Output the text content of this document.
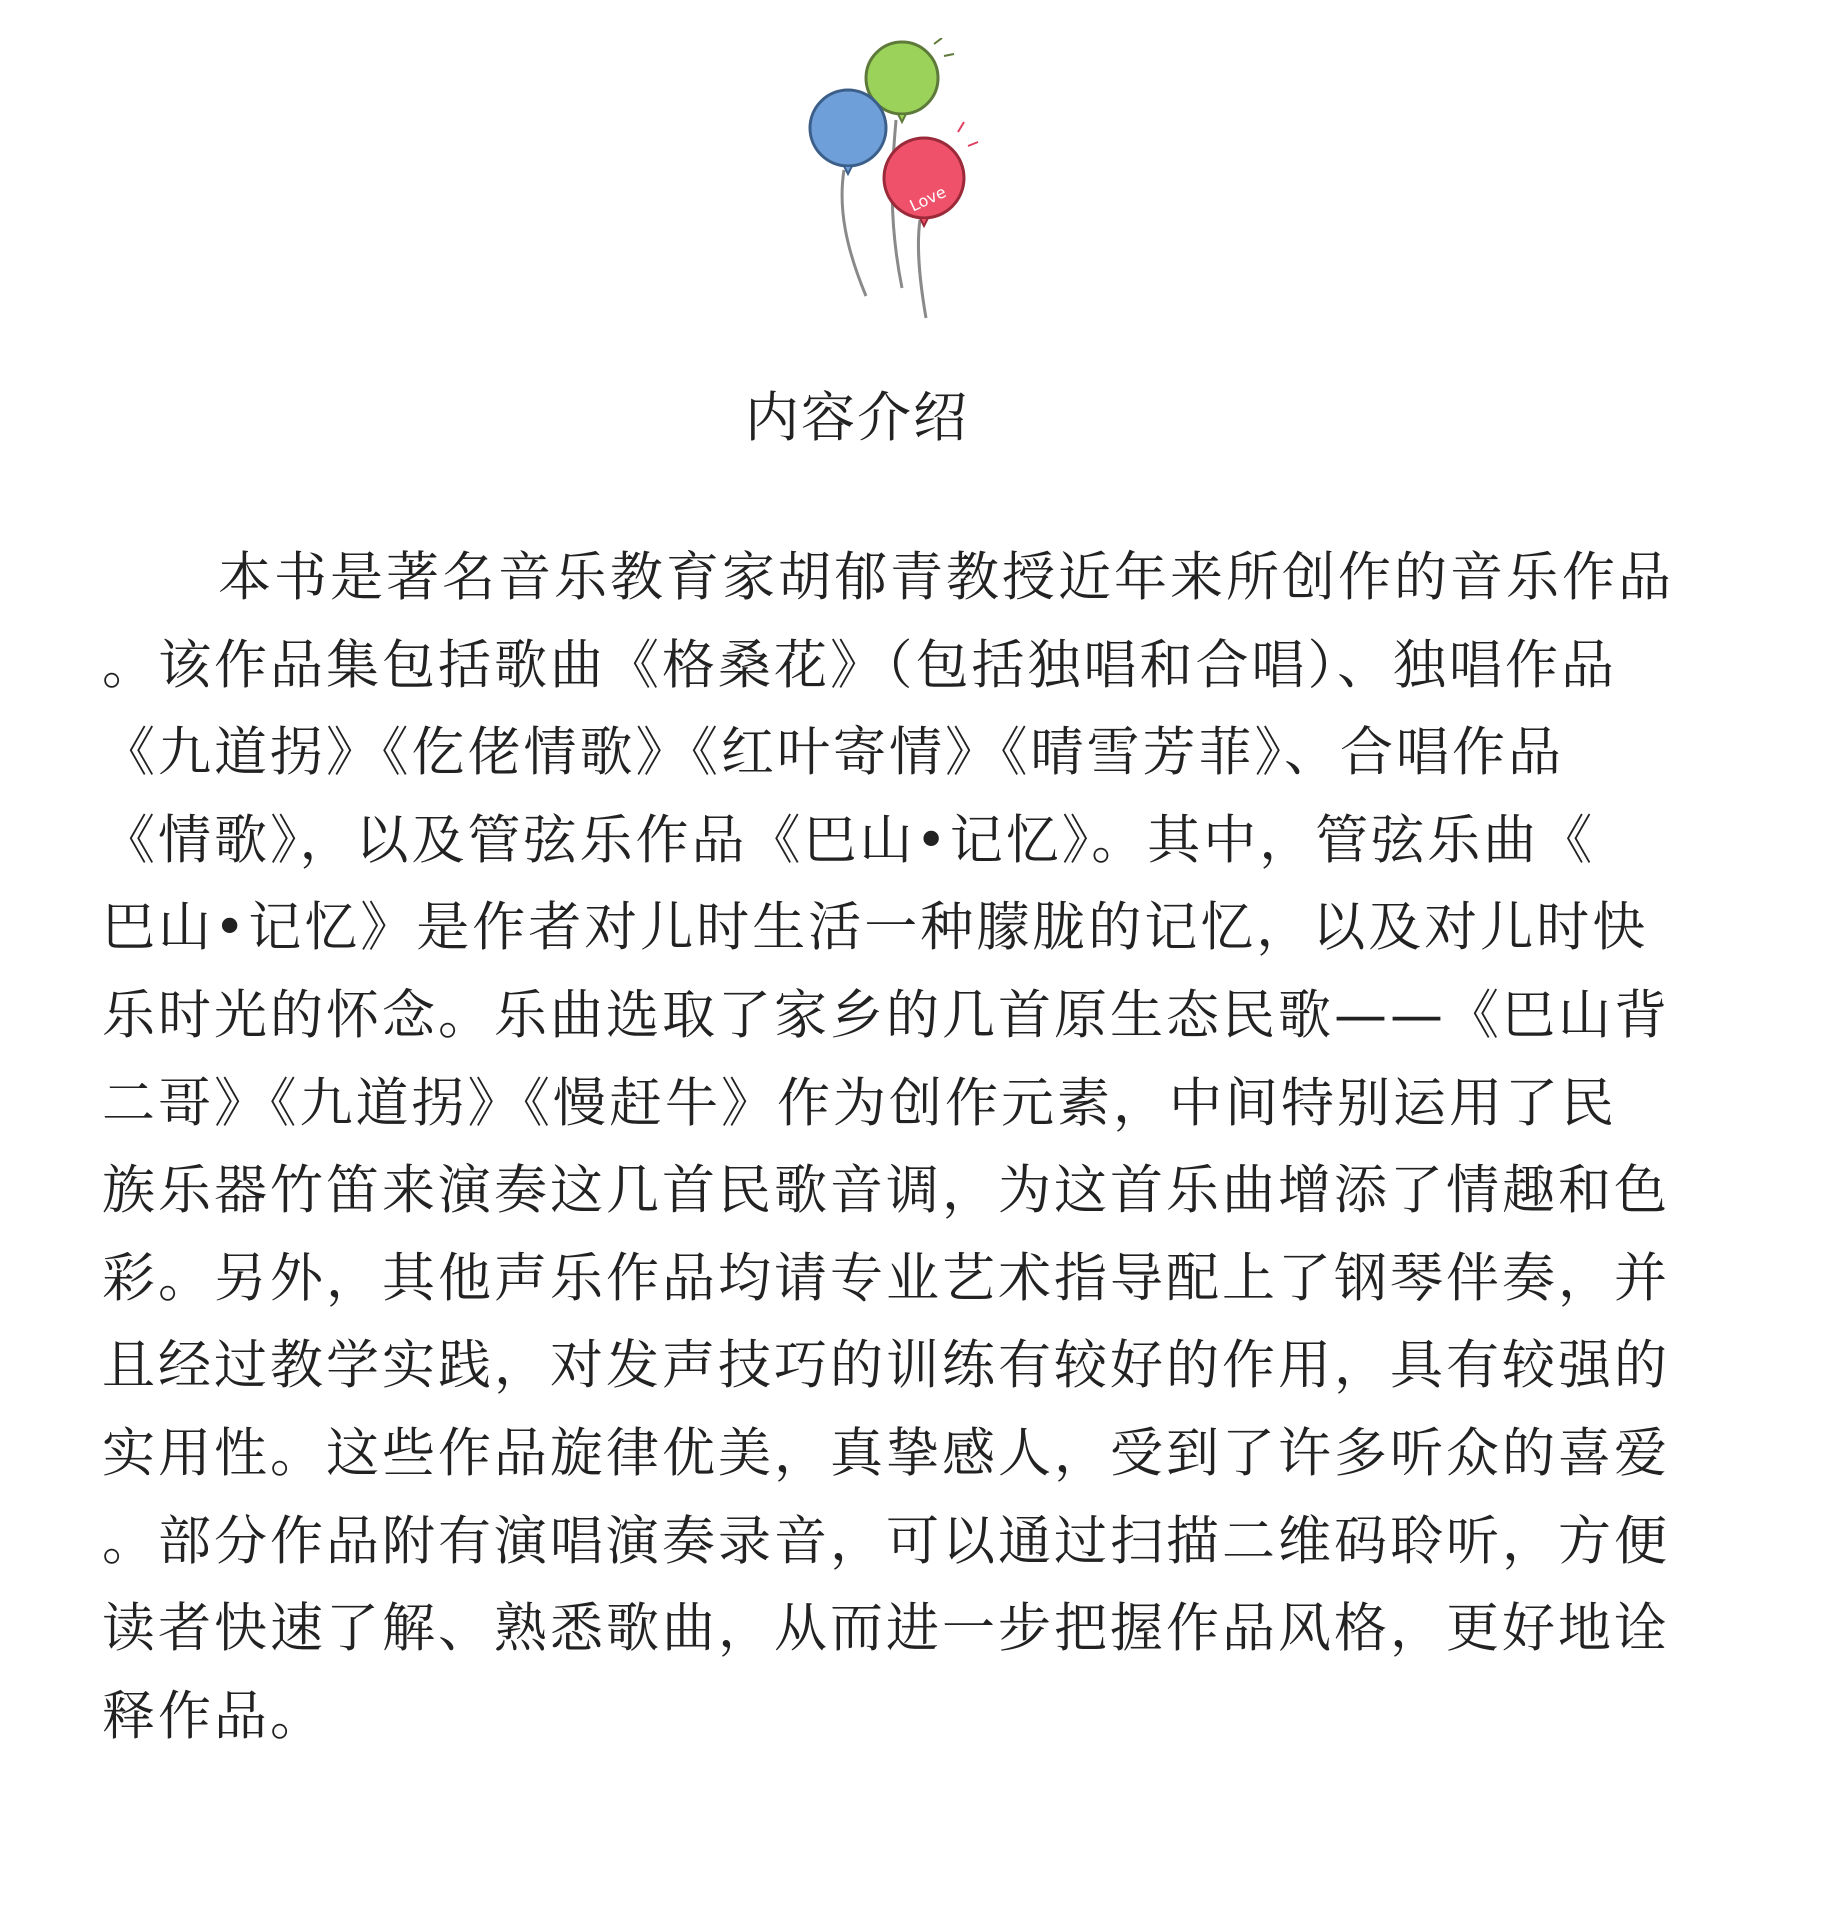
Love
内容介绍
本书是著名音乐教育家胡郁青教授近年来所创作的音乐作品
。该作品集包括歌曲《格桑花》（包括独唱和合唱）、独唱作品
《九道拐》《仡佬情歌》《红叶寄情》《晴雪芳菲》、合唱作品
《情歌》，以及管弦乐作品《巴山•记忆》。其中，管弦乐曲《
巴山•记忆》是作者对儿时生活一种朦胧的记忆，以及对儿时快
乐时光的怀念。乐曲选取了家乡的几首原生态民歌——《巴山背
二哥》《九道拐》《慢赶牛》作为创作元素，中间特别运用了民
族乐器竹笛来演奏这几首民歌音调，为这首乐曲增添了情趣和色
彩。另外，其他声乐作品均请专业艺术指导配上了钢琴伴奏，并
且经过教学实践，对发声技巧的训练有较好的作用，具有较强的
实用性。这些作品旋律优美，真挚感人，受到了许多听众的喜爱
。部分作品附有演唱演奏录音，可以通过扫描二维码聆听，方便
读者快速了解、熟悉歌曲，从而进一步把握作品风格，更好地诠
释作品。
